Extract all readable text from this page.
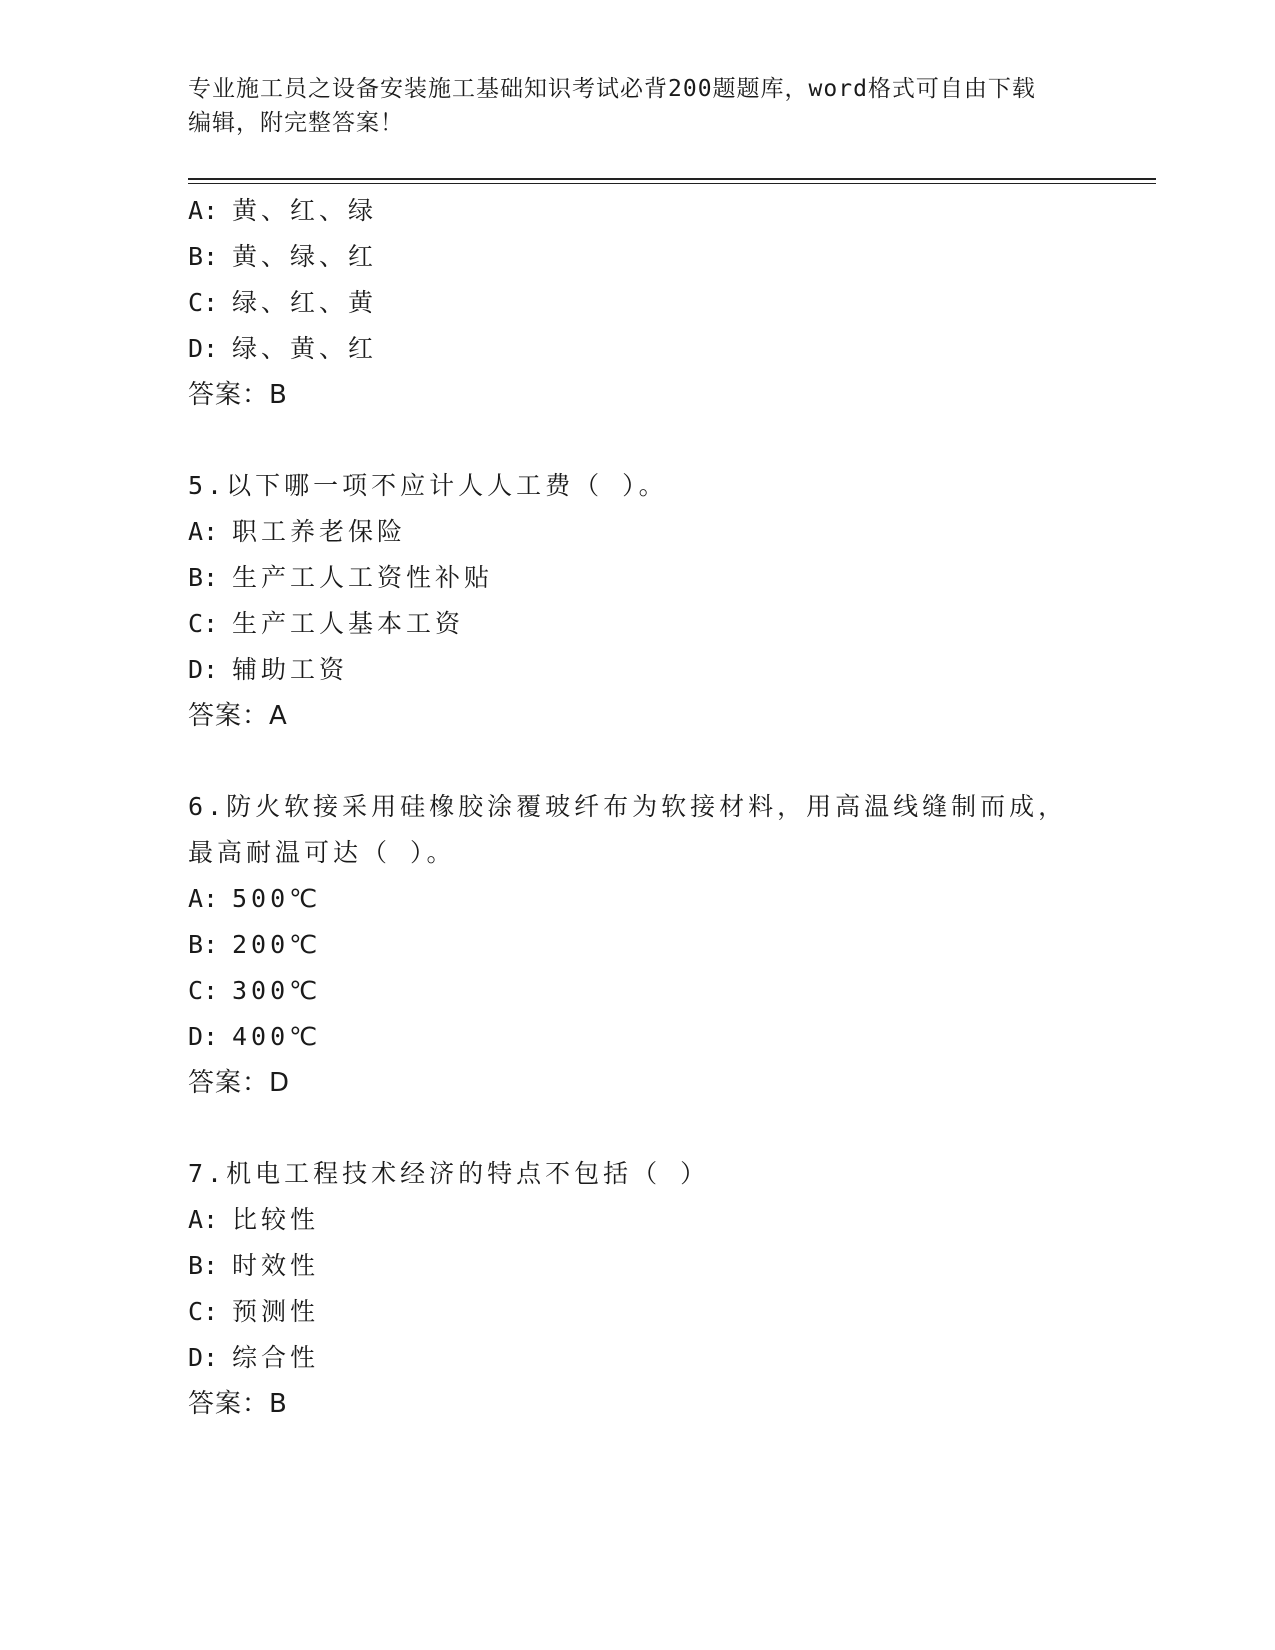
专业施工员之设备安装施工基础知识考试必背200题题库，word格式可自由下载
编辑，附完整答案！
A: 黄、红、绿
B: 黄、绿、红
C: 绿、红、黄
D: 绿、黄、红
答案：B
5.以下哪一项不应计人人工费（ ）。
A: 职工养老保险
B: 生产工人工资性补贴
C: 生产工人基本工资
D: 辅助工资
答案：A
6.防火软接采用硅橡胶涂覆玻纤布为软接材料，用高温线缝制而成，
最高耐温可达（ ）。
A: 500℃
B: 200℃
C: 300℃
D: 400℃
答案：D
7.机电工程技术经济的特点不包括（ ）
A: 比较性
B: 时效性
C: 预测性
D: 综合性
答案：B
